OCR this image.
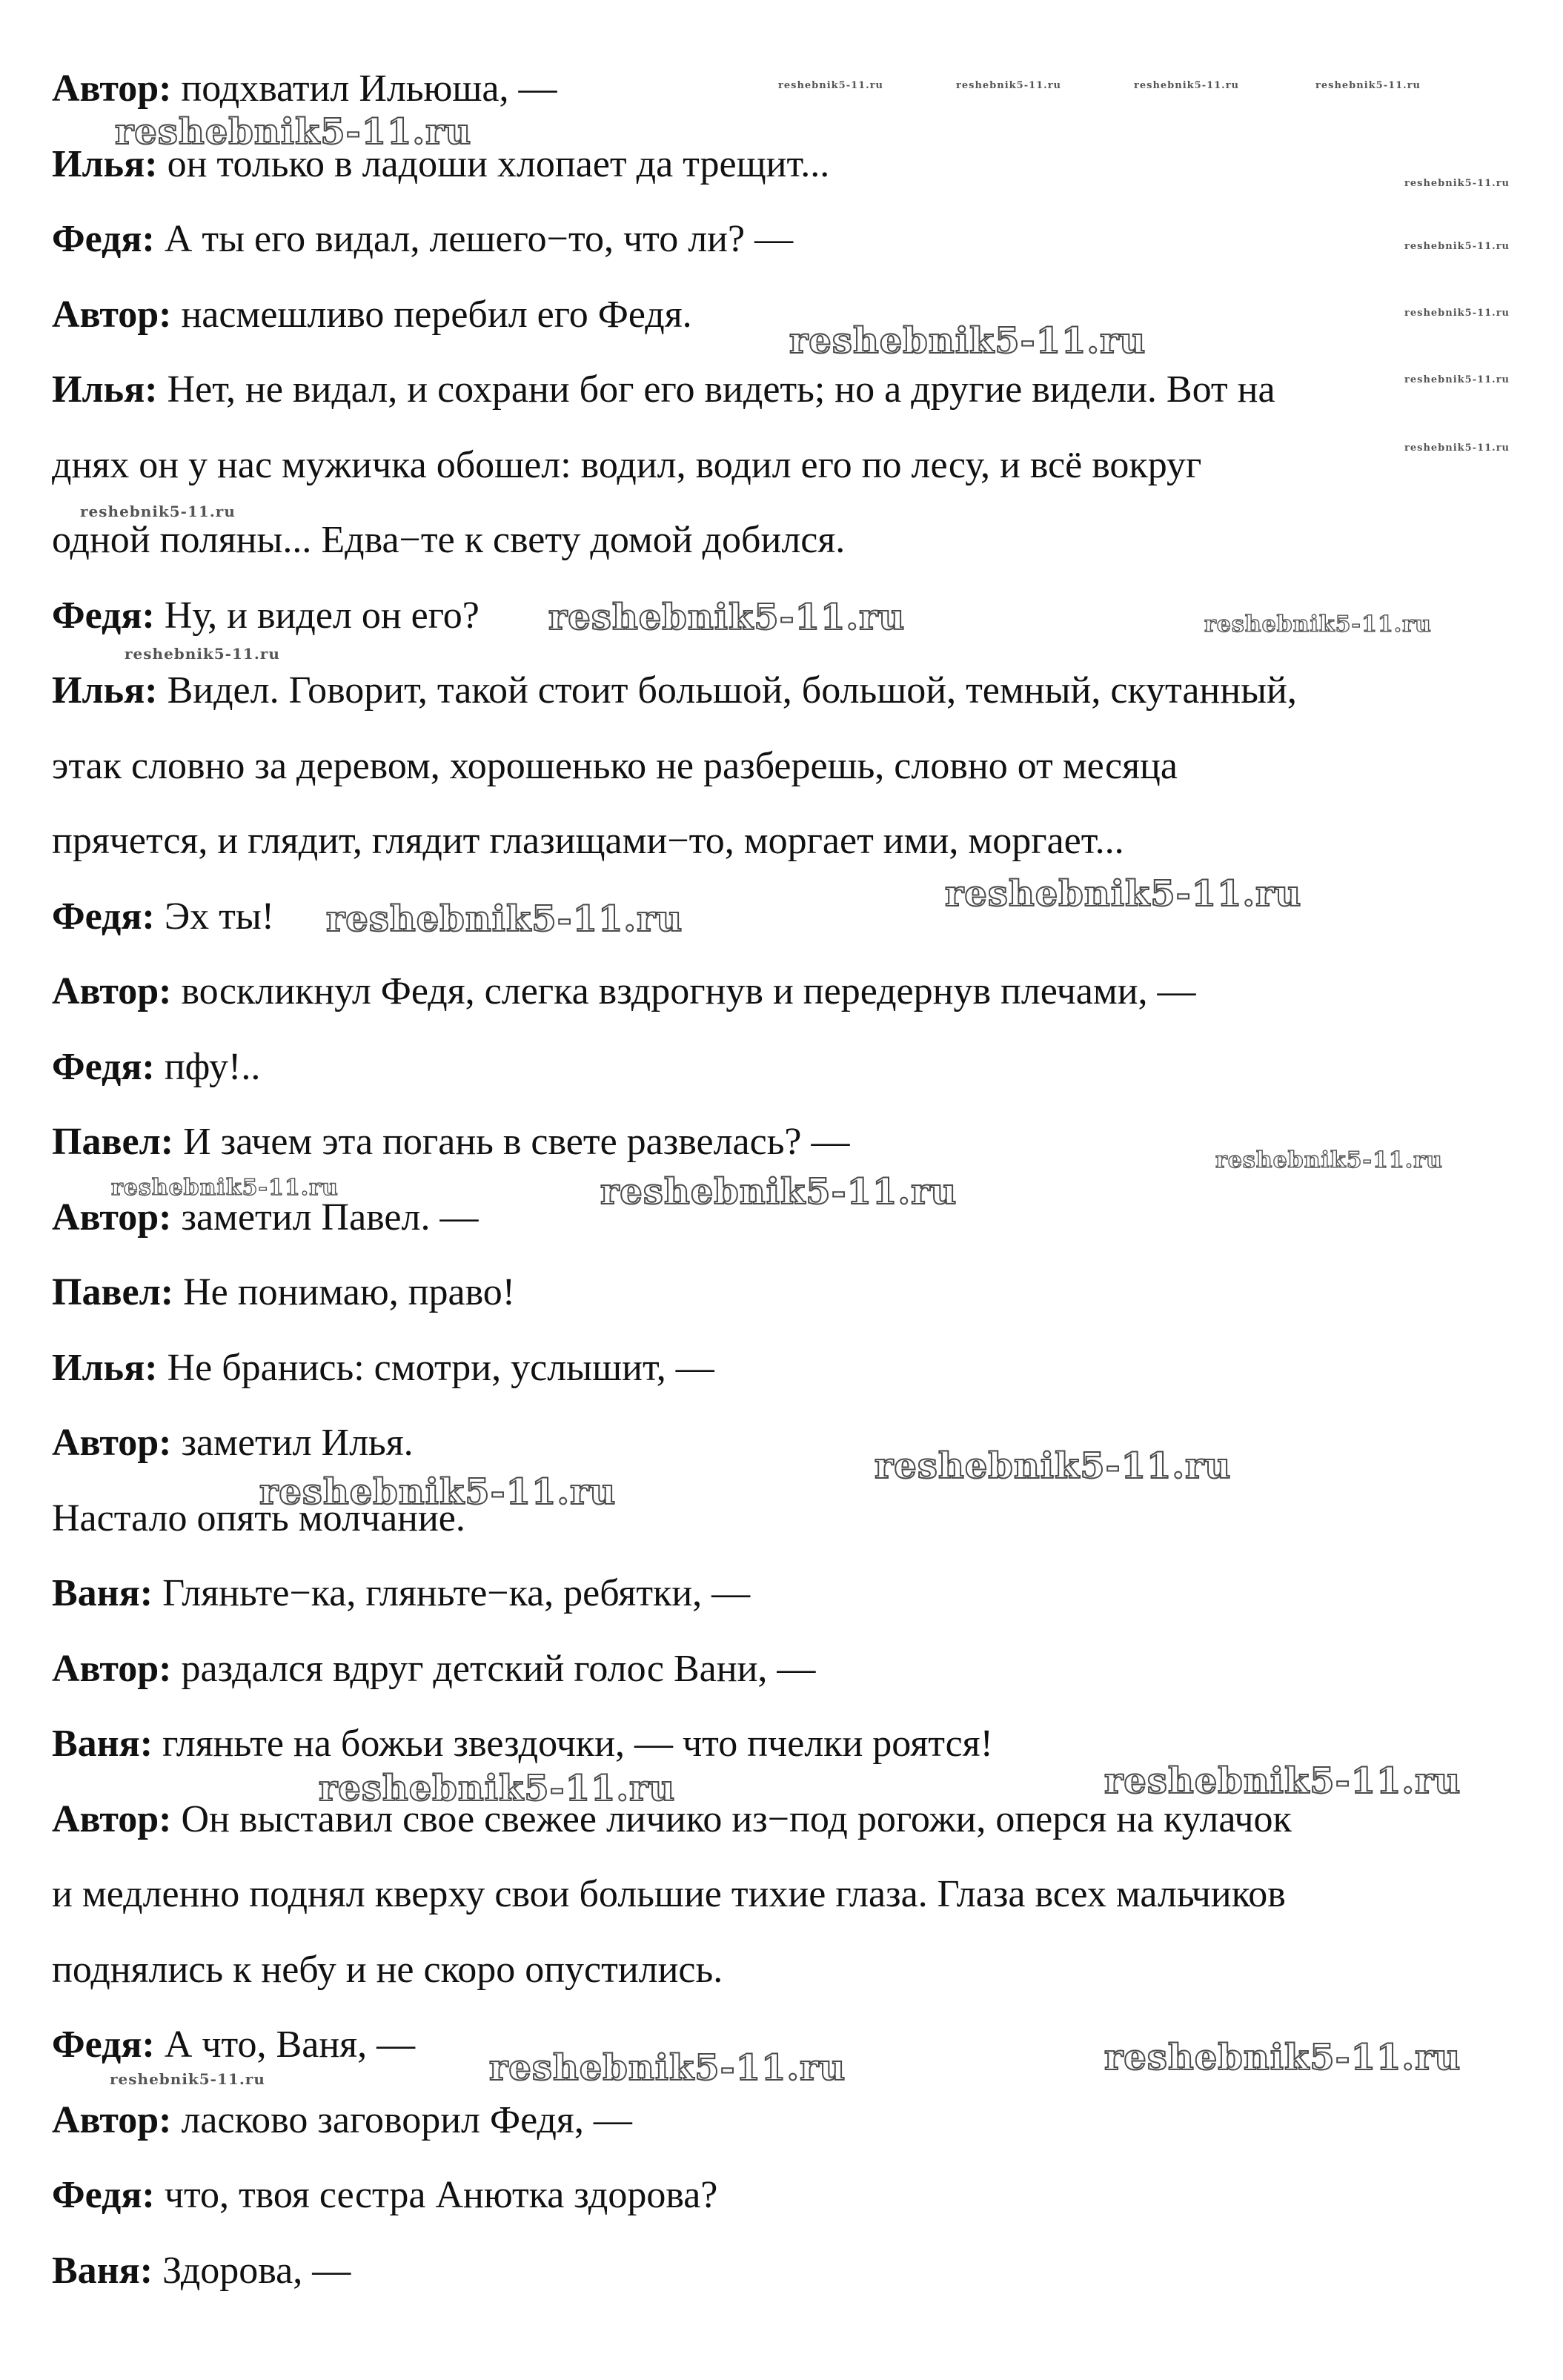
Автор: подхватил Ильюша, —
Илья: он только в ладоши хлопает да трещит...
Федя: А ты его видал, лешего−то, что ли? —
Автор: насмешливо перебил его Федя.
Илья: Нет, не видал, и сохрани бог его видеть; но а другие видели. Вот на
днях он у нас мужичка обошел: водил, водил его по лесу, и всё вокруг
одной поляны... Едва−те к свету домой добился.
Федя: Ну, и видел он его?
Илья: Видел. Говорит, такой стоит большой, большой, темный, скутанный,
этак словно за деревом, хорошенько не разберешь, словно от месяца
прячется, и глядит, глядит глазищами−то, моргает ими, моргает...
Федя: Эх ты!
Автор: воскликнул Федя, слегка вздрогнув и передернув плечами, —
Федя: пфу!..
Павел: И зачем эта погань в свете развелась? —
Автор: заметил Павел. —
Павел: Не понимаю, право!
Илья: Не бранись: смотри, услышит, —
Автор: заметил Илья.
Настало опять молчание.
Ваня: Гляньте−ка, гляньте−ка, ребятки, —
Автор: раздался вдруг детский голос Вани, —
Ваня: гляньте на божьи звездочки, — что пчелки роятся!
Автор: Он выставил свое свежее личико из−под рогожи, оперся на кулачок
и медленно поднял кверху свои большие тихие глаза. Глаза всех мальчиков
поднялись к небу и не скоро опустились.
Федя: А что, Ваня, —
Автор: ласково заговорил Федя, —
Федя: что, твоя сестра Анютка здорова?
Ваня: Здорова, —
reshebnik5-11.ru	reshebnik5-11.ru	reshebnik5-11.ru	reshebnik5-11.ru
reshebnik5-11.ru
reshebnik5-11.ru
reshebnik5-11.ru
reshebnik5-11.ru
reshebnik5-11.ru
reshebnik5-11.ru
reshebnik5-11.ru
reshebnik5-11.ru
reshebnik5-11.ru	reshebnik5-11.ru
reshebnik5-11.ru
reshebnik5-11.ru
reshebnik5-11.ru
reshebnik5-11.ru
reshebnik5-11.ru	reshebnik5-11.ru
reshebnik5-11.ru
reshebnik5-11.ru
reshebnik5-11.ru	reshebnik5-11.ru
reshebnik5-11.ru	reshebnik5-11.ru
reshebnik5-11.ru
